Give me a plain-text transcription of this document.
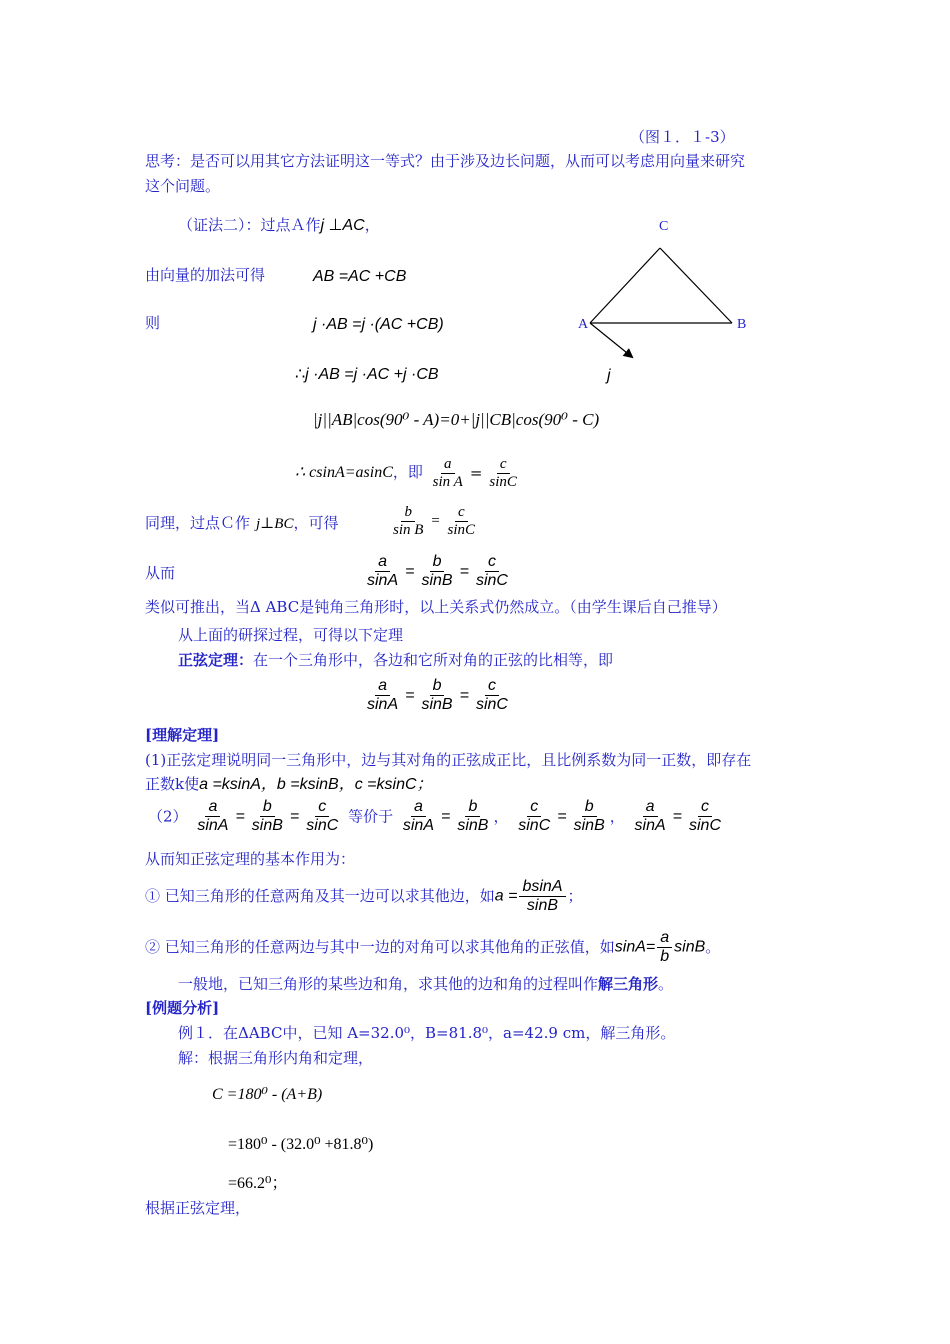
（图１．１-3）
思考：是否可以用其它方法证明这一等式？由于涉及边长问题，从而可以考虑用向量来研究
这个问题。
（证法二）：过点Ａ作j ⊥AC，
由向量的加法可得	AB =AC +CB
则	j ·AB =j ·(AC +CB)
∴j ·AB =j ·AC +j ·CB
|j||AB|cos(90⁰ - A)=0+|j||CB|cos(90⁰ - C)
∴ csinA=asinC，即 $\frac{a}{\text{sin A}} = \frac{c}{\sin C}$
同理，过点Ｃ作 j⊥BC，可得	$\frac{b}{\text{sin B}} = \frac{c}{\sin C}$
从而	$\frac{a}{\sin A} = \frac{b}{\sin B} = \frac{c}{\sin C}$
类似可推出，当Δ ABC是钝角三角形时，以上关系式仍然成立。（由学生课后自己推导）
从上面的研探过程，可得以下定理
正弦定理：在一个三角形中，各边和它所对角的正弦的比相等，即
$\frac{a}{\sin A} = \frac{b}{\sin B} = \frac{c}{\sin C}$
[理解定理]
(1)正弦定理说明同一三角形中，边与其对角的正弦成正比，且比例系数为同一正数，即存在
正数k使a =ksinA，b =ksinB，c =ksinC；
$(2) \frac{a}{\sin A} = \frac{b}{\sin B} = \frac{c}{\sin C}$ 等价于 $\frac{a}{\sin A} = \frac{b}{\sin B}$ ， $\frac{c}{\sin C} = \frac{b}{\sin B}$ ， $\frac{a}{\sin A} = \frac{c}{\sin C}$
从而知正弦定理的基本作用为：
① 已知三角形的任意两角及其一边可以求其他边，如$a = \frac{bsinA}{\sin B}$ ；
② 已知三角形的任意两边与其中一边的对角可以求其他角的正弦值，如$\sin A= \frac{a}{b}$ sinB。
一般地，已知三角形的某些边和角，求其他的边和角的过程叫作解三角形。
[例题分析]
例１．在ΔABC中，已知 A=32.0⁰，B=81.8⁰，a=42.9 cm，解三角形。
解：根据三角形内角和定理，
C =180⁰ - (A+B)
=180⁰ - (32.0⁰ +81.8⁰)
=66.2⁰；
根据正弦定理，
C
A	B
j
